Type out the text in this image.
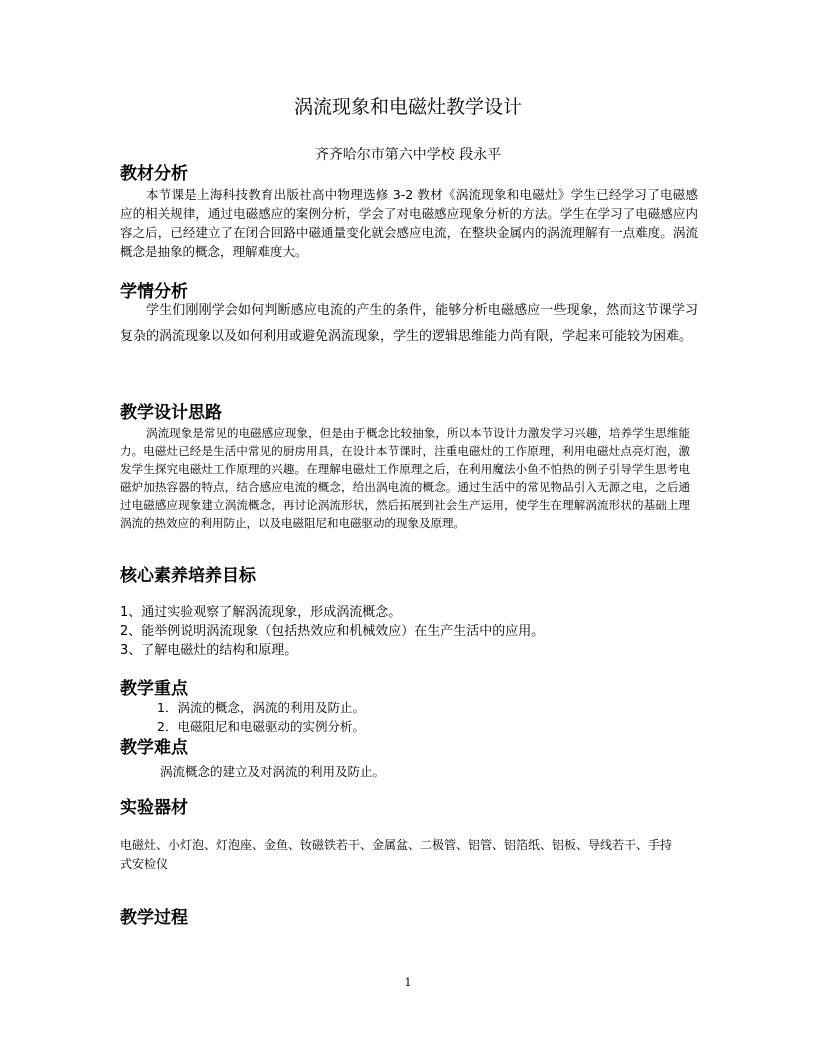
涡流现象和电磁灶教学设计
齐齐哈尔市第六中学校 段永平
教材分析
本节课是上海科技教育出版社高中物理选修 3-2 教材《涡流现象和电磁灶》学生已经学习了电磁感应的相关规律，通过电磁感应的案例分析，学会了对电磁感应现象分析的方法。学生在学习了电磁感应内容之后，已经建立了在闭合回路中磁通量变化就会感应电流，在整块金属内的涡流理解有一点难度。涡流概念是抽象的概念，理解难度大。
学情分析
学生们刚刚学会如何判断感应电流的产生的条件，能够分析电磁感应一些现象，然而这节课学习复杂的涡流现象以及如何利用或避免涡流现象，学生的逻辑思维能力尚有限，学起来可能较为困难。
教学设计思路
涡流现象是常见的电磁感应现象，但是由于概念比较抽象，所以本节设计力激发学习兴趣，培养学生思维能力。电磁灶已经是生活中常见的厨房用具，在设计本节课时，注重电磁灶的工作原理，利用电磁灶点亮灯泡，激发学生探究电磁灶工作原理的兴趣。在理解电磁灶工作原理之后，在利用魔法小鱼不怕热的例子引导学生思考电磁炉加热容器的特点，结合感应电流的概念，给出涡电流的概念。通过生活中的常见物品引入无源之电，之后通过电磁感应现象建立涡流概念，再讨论涡流形状，然后拓展到社会生产运用，使学生在理解涡流形状的基础上理涡流的热效应的利用防止，以及电磁阻尼和电磁驱动的现象及原理。
核心素养培养目标
1、通过实验观察了解涡流现象，形成涡流概念。
2、能举例说明涡流现象（包括热效应和机械效应）在生产生活中的应用。
3、了解电磁灶的结构和原理。
教学重点
1．涡流的概念，涡流的利用及防止。
2．电磁阻尼和电磁驱动的实例分析。
教学难点
涡流概念的建立及对涡流的利用及防止。
实验器材
电磁灶、小灯泡、灯泡座、金鱼、钕磁铁若干、金属盆、二极管、铝管、铝箔纸、铝板、导线若干、手持式安检仪
教学过程
1
